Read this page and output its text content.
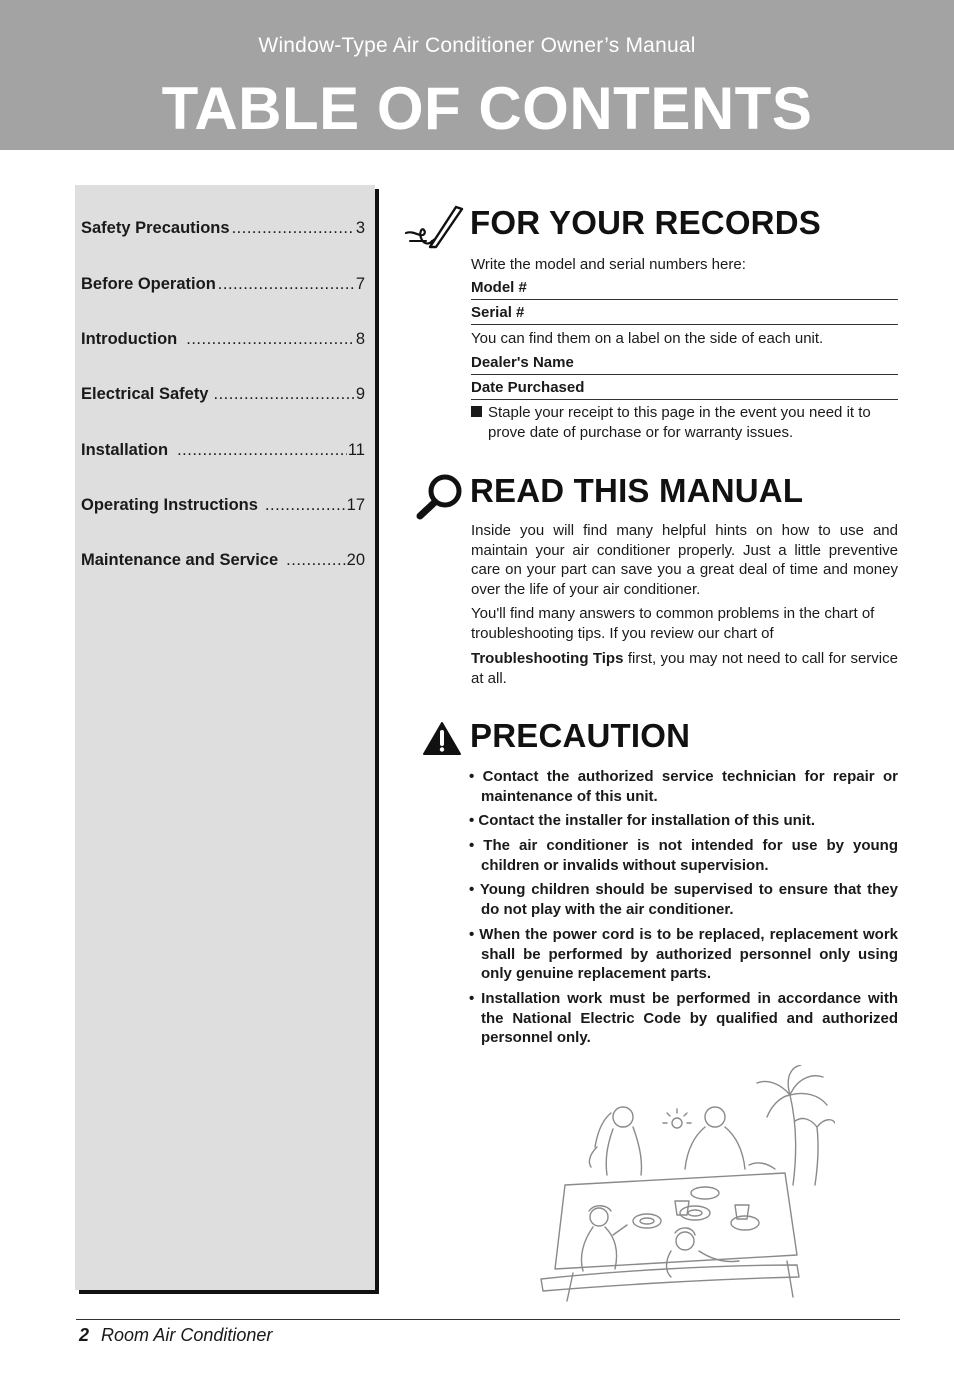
Window-Type Air Conditioner Owner’s Manual
TABLE OF CONTENTS
Safety Precautions .....	3
Before Operation .....	7
Introduction .....	8
Electrical Safety .....	9
Installation .....	11
Operating Instructions .....	17
Maintenance and Service .....	20
FOR YOUR RECORDS
Write the model and serial numbers here:
Model #
Serial #
You can find them on a label on the side of each unit.
Dealer's Name
Date Purchased
Staple your receipt to this page in the event you need it to prove date of purchase or for warranty issues.
READ THIS MANUAL
Inside you will find many helpful hints on how to use and maintain your air conditioner properly. Just a little preventive care on your part can save you a great deal of time and money over the life of your air conditioner.
You'll find many answers to common problems in the chart of troubleshooting tips. If you review our chart of
Troubleshooting Tips first, you may not need to call for service at all.
PRECAUTION
• Contact the authorized service technician for repair or maintenance of this unit.
• Contact the installer for installation of this unit.
• The air conditioner is not intended for use by young children or invalids without supervision.
• Young children should be supervised to ensure that they do not play with the air conditioner.
• When the power cord is to be replaced, replacement work shall be performed by authorized personnel only using only genuine replacement parts.
• Installation work must be performed in accordance with the National Electric Code by qualified and authorized personnel only.
2 Room Air Conditioner
